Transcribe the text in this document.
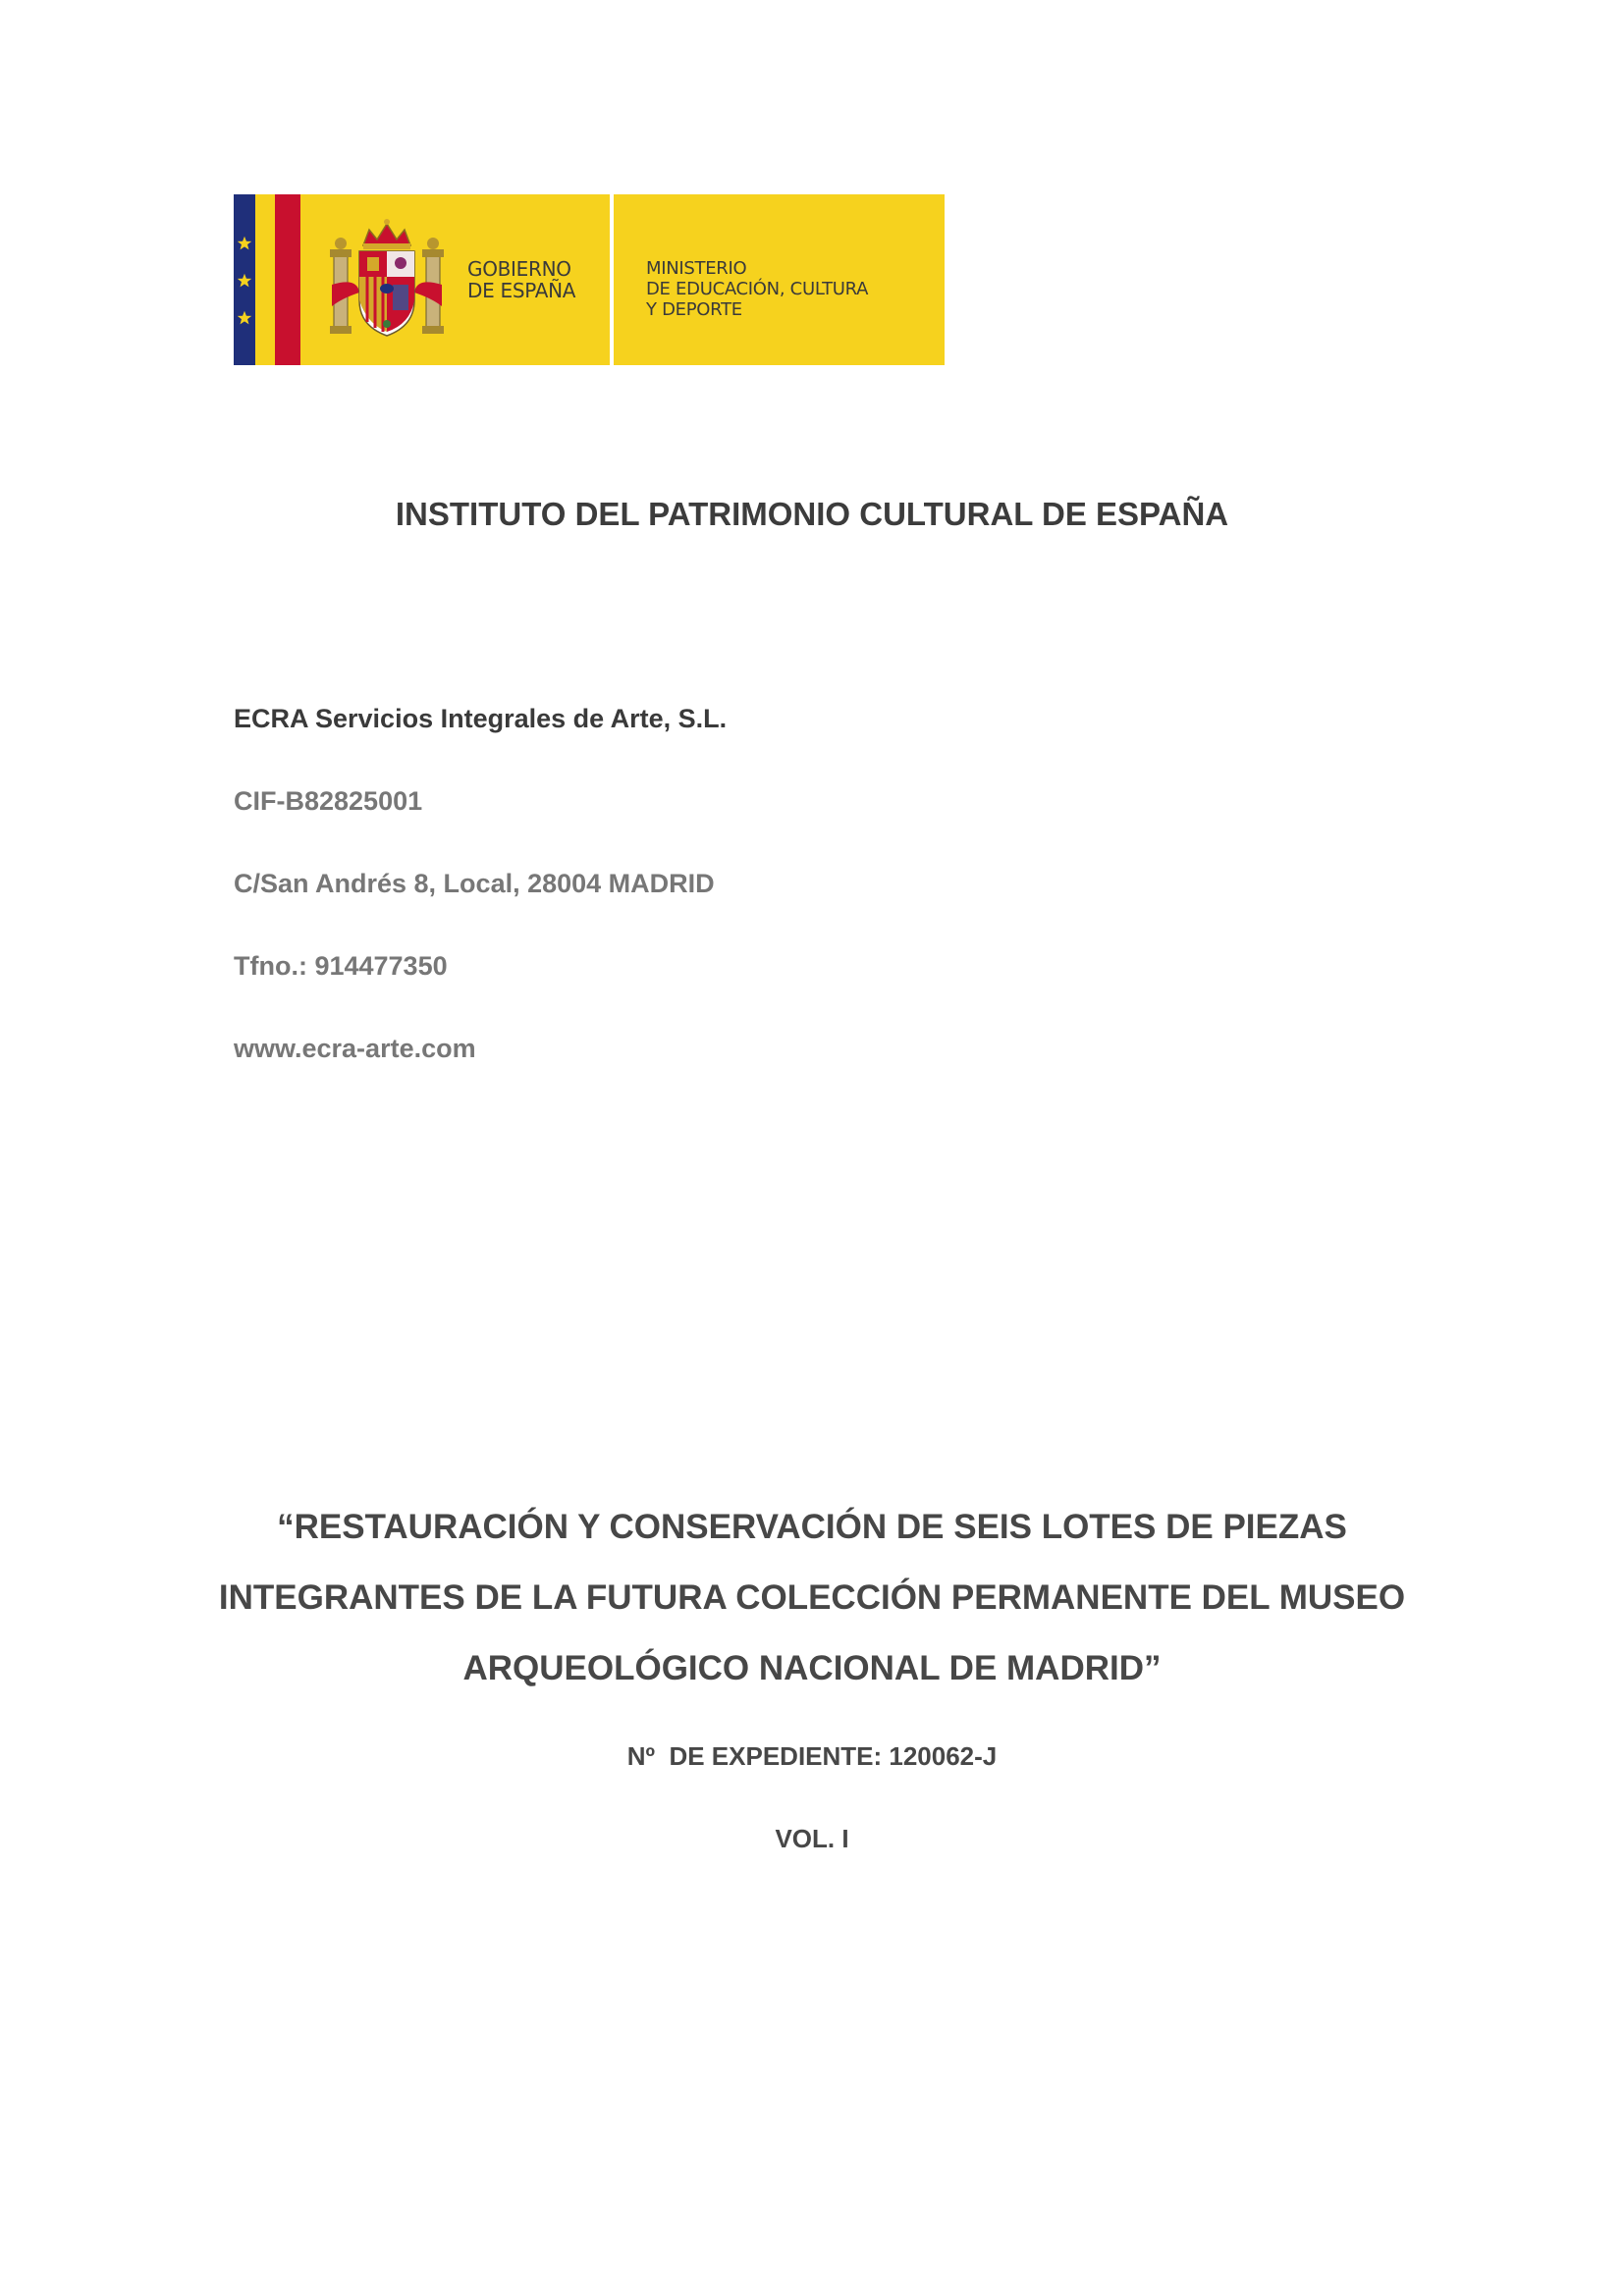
GOBIERNO
DE ESPAÑA
MINISTERIO
DE EDUCACIÓN, CULTURA
Y DEPORTE
INSTITUTO DEL PATRIMONIO CULTURAL DE ESPAÑA
ECRA Servicios Integrales de Arte, S.L.
CIF-B82825001
C/San Andrés 8, Local, 28004 MADRID
Tfno.: 914477350
www.ecra-arte.com
“RESTAURACIÓN Y CONSERVACIÓN DE SEIS LOTES DE PIEZAS
INTEGRANTES DE LA FUTURA COLECCIÓN PERMANENTE DEL MUSEO
ARQUEOLÓGICO NACIONAL DE MADRID”
Nº  DE EXPEDIENTE: 120062-J
VOL. I
